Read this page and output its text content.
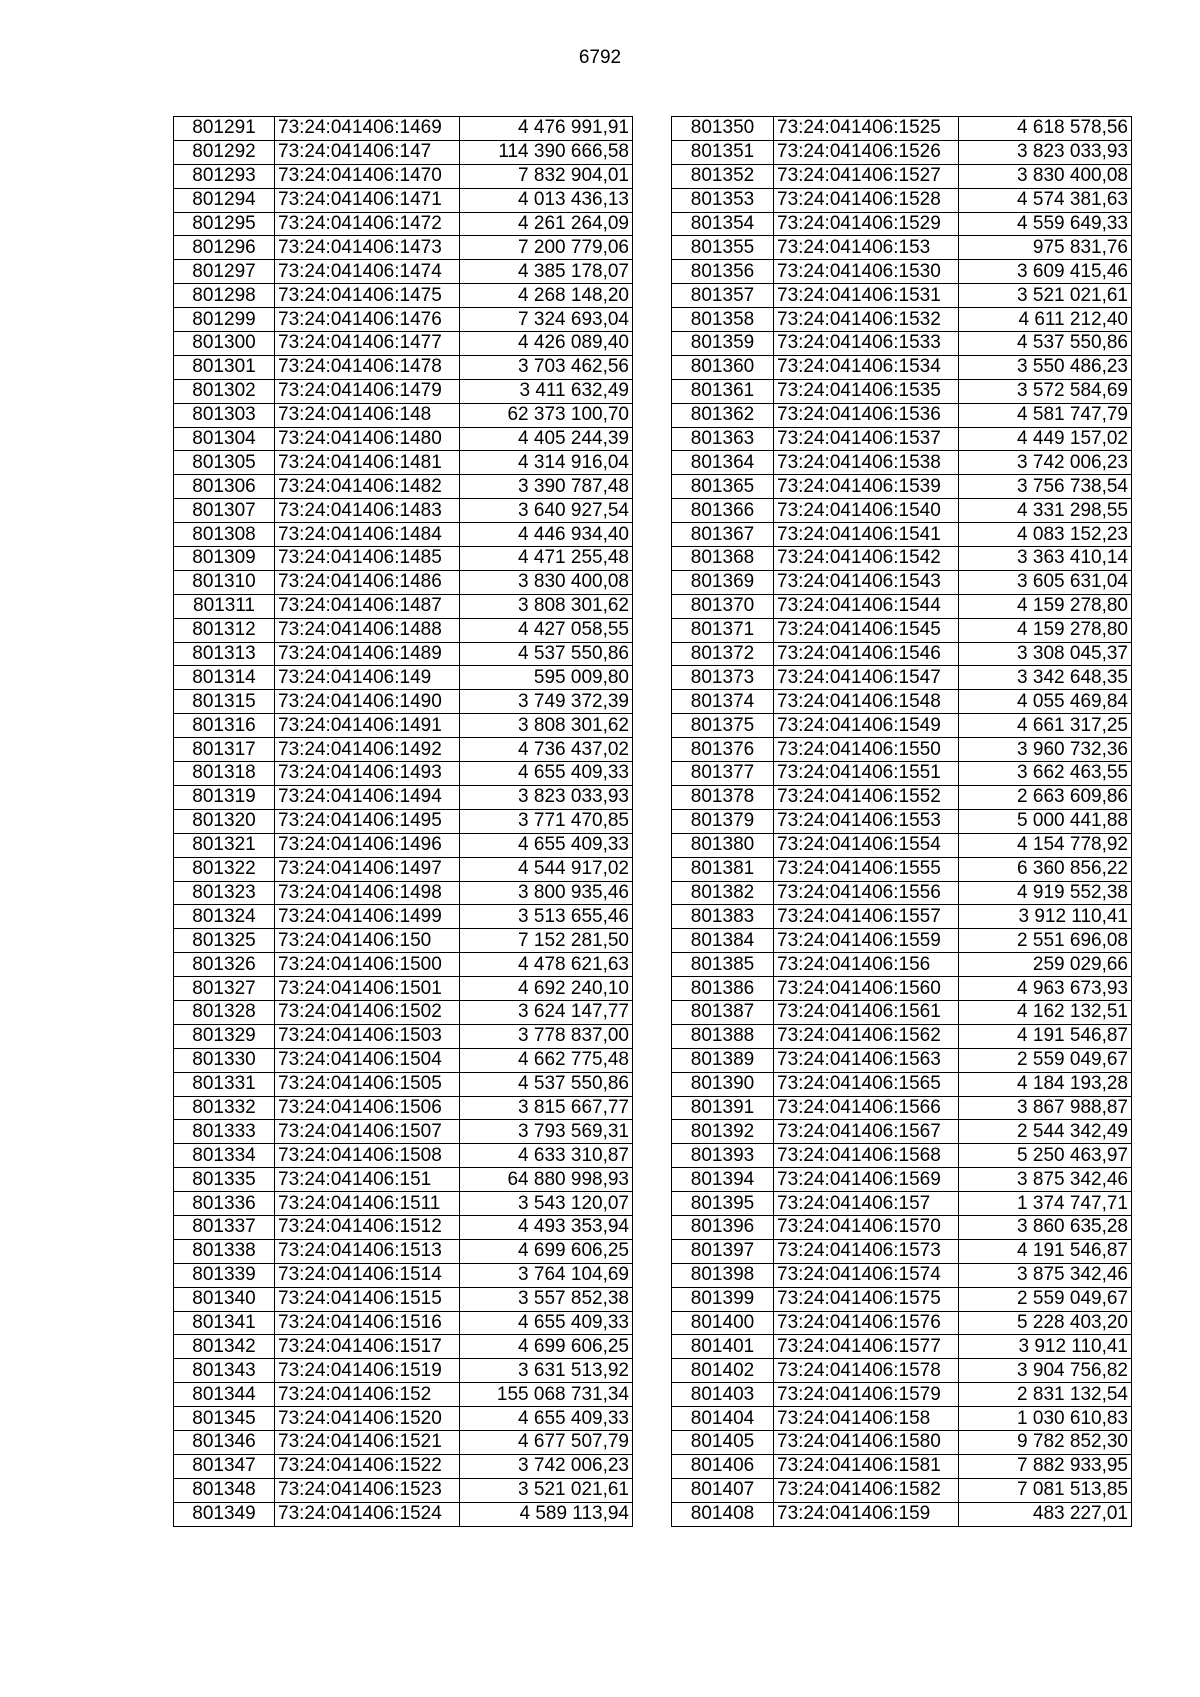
6792
801291	73:24:041406:1469	4 476 991,91
801292	73:24:041406:147	114 390 666,58
801293	73:24:041406:1470	7 832 904,01
801294	73:24:041406:1471	4 013 436,13
801295	73:24:041406:1472	4 261 264,09
801296	73:24:041406:1473	7 200 779,06
801297	73:24:041406:1474	4 385 178,07
801298	73:24:041406:1475	4 268 148,20
801299	73:24:041406:1476	7 324 693,04
801300	73:24:041406:1477	4 426 089,40
801301	73:24:041406:1478	3 703 462,56
801302	73:24:041406:1479	3 411 632,49
801303	73:24:041406:148	62 373 100,70
801304	73:24:041406:1480	4 405 244,39
801305	73:24:041406:1481	4 314 916,04
801306	73:24:041406:1482	3 390 787,48
801307	73:24:041406:1483	3 640 927,54
801308	73:24:041406:1484	4 446 934,40
801309	73:24:041406:1485	4 471 255,48
801310	73:24:041406:1486	3 830 400,08
801311	73:24:041406:1487	3 808 301,62
801312	73:24:041406:1488	4 427 058,55
801313	73:24:041406:1489	4 537 550,86
801314	73:24:041406:149	595 009,80
801315	73:24:041406:1490	3 749 372,39
801316	73:24:041406:1491	3 808 301,62
801317	73:24:041406:1492	4 736 437,02
801318	73:24:041406:1493	4 655 409,33
801319	73:24:041406:1494	3 823 033,93
801320	73:24:041406:1495	3 771 470,85
801321	73:24:041406:1496	4 655 409,33
801322	73:24:041406:1497	4 544 917,02
801323	73:24:041406:1498	3 800 935,46
801324	73:24:041406:1499	3 513 655,46
801325	73:24:041406:150	7 152 281,50
801326	73:24:041406:1500	4 478 621,63
801327	73:24:041406:1501	4 692 240,10
801328	73:24:041406:1502	3 624 147,77
801329	73:24:041406:1503	3 778 837,00
801330	73:24:041406:1504	4 662 775,48
801331	73:24:041406:1505	4 537 550,86
801332	73:24:041406:1506	3 815 667,77
801333	73:24:041406:1507	3 793 569,31
801334	73:24:041406:1508	4 633 310,87
801335	73:24:041406:151	64 880 998,93
801336	73:24:041406:1511	3 543 120,07
801337	73:24:041406:1512	4 493 353,94
801338	73:24:041406:1513	4 699 606,25
801339	73:24:041406:1514	3 764 104,69
801340	73:24:041406:1515	3 557 852,38
801341	73:24:041406:1516	4 655 409,33
801342	73:24:041406:1517	4 699 606,25
801343	73:24:041406:1519	3 631 513,92
801344	73:24:041406:152	155 068 731,34
801345	73:24:041406:1520	4 655 409,33
801346	73:24:041406:1521	4 677 507,79
801347	73:24:041406:1522	3 742 006,23
801348	73:24:041406:1523	3 521 021,61
801349	73:24:041406:1524	4 589 113,94
801350	73:24:041406:1525	4 618 578,56
801351	73:24:041406:1526	3 823 033,93
801352	73:24:041406:1527	3 830 400,08
801353	73:24:041406:1528	4 574 381,63
801354	73:24:041406:1529	4 559 649,33
801355	73:24:041406:153	975 831,76
801356	73:24:041406:1530	3 609 415,46
801357	73:24:041406:1531	3 521 021,61
801358	73:24:041406:1532	4 611 212,40
801359	73:24:041406:1533	4 537 550,86
801360	73:24:041406:1534	3 550 486,23
801361	73:24:041406:1535	3 572 584,69
801362	73:24:041406:1536	4 581 747,79
801363	73:24:041406:1537	4 449 157,02
801364	73:24:041406:1538	3 742 006,23
801365	73:24:041406:1539	3 756 738,54
801366	73:24:041406:1540	4 331 298,55
801367	73:24:041406:1541	4 083 152,23
801368	73:24:041406:1542	3 363 410,14
801369	73:24:041406:1543	3 605 631,04
801370	73:24:041406:1544	4 159 278,80
801371	73:24:041406:1545	4 159 278,80
801372	73:24:041406:1546	3 308 045,37
801373	73:24:041406:1547	3 342 648,35
801374	73:24:041406:1548	4 055 469,84
801375	73:24:041406:1549	4 661 317,25
801376	73:24:041406:1550	3 960 732,36
801377	73:24:041406:1551	3 662 463,55
801378	73:24:041406:1552	2 663 609,86
801379	73:24:041406:1553	5 000 441,88
801380	73:24:041406:1554	4 154 778,92
801381	73:24:041406:1555	6 360 856,22
801382	73:24:041406:1556	4 919 552,38
801383	73:24:041406:1557	3 912 110,41
801384	73:24:041406:1559	2 551 696,08
801385	73:24:041406:156	259 029,66
801386	73:24:041406:1560	4 963 673,93
801387	73:24:041406:1561	4 162 132,51
801388	73:24:041406:1562	4 191 546,87
801389	73:24:041406:1563	2 559 049,67
801390	73:24:041406:1565	4 184 193,28
801391	73:24:041406:1566	3 867 988,87
801392	73:24:041406:1567	2 544 342,49
801393	73:24:041406:1568	5 250 463,97
801394	73:24:041406:1569	3 875 342,46
801395	73:24:041406:157	1 374 747,71
801396	73:24:041406:1570	3 860 635,28
801397	73:24:041406:1573	4 191 546,87
801398	73:24:041406:1574	3 875 342,46
801399	73:24:041406:1575	2 559 049,67
801400	73:24:041406:1576	5 228 403,20
801401	73:24:041406:1577	3 912 110,41
801402	73:24:041406:1578	3 904 756,82
801403	73:24:041406:1579	2 831 132,54
801404	73:24:041406:158	1 030 610,83
801405	73:24:041406:1580	9 782 852,30
801406	73:24:041406:1581	7 882 933,95
801407	73:24:041406:1582	7 081 513,85
801408	73:24:041406:159	483 227,01
